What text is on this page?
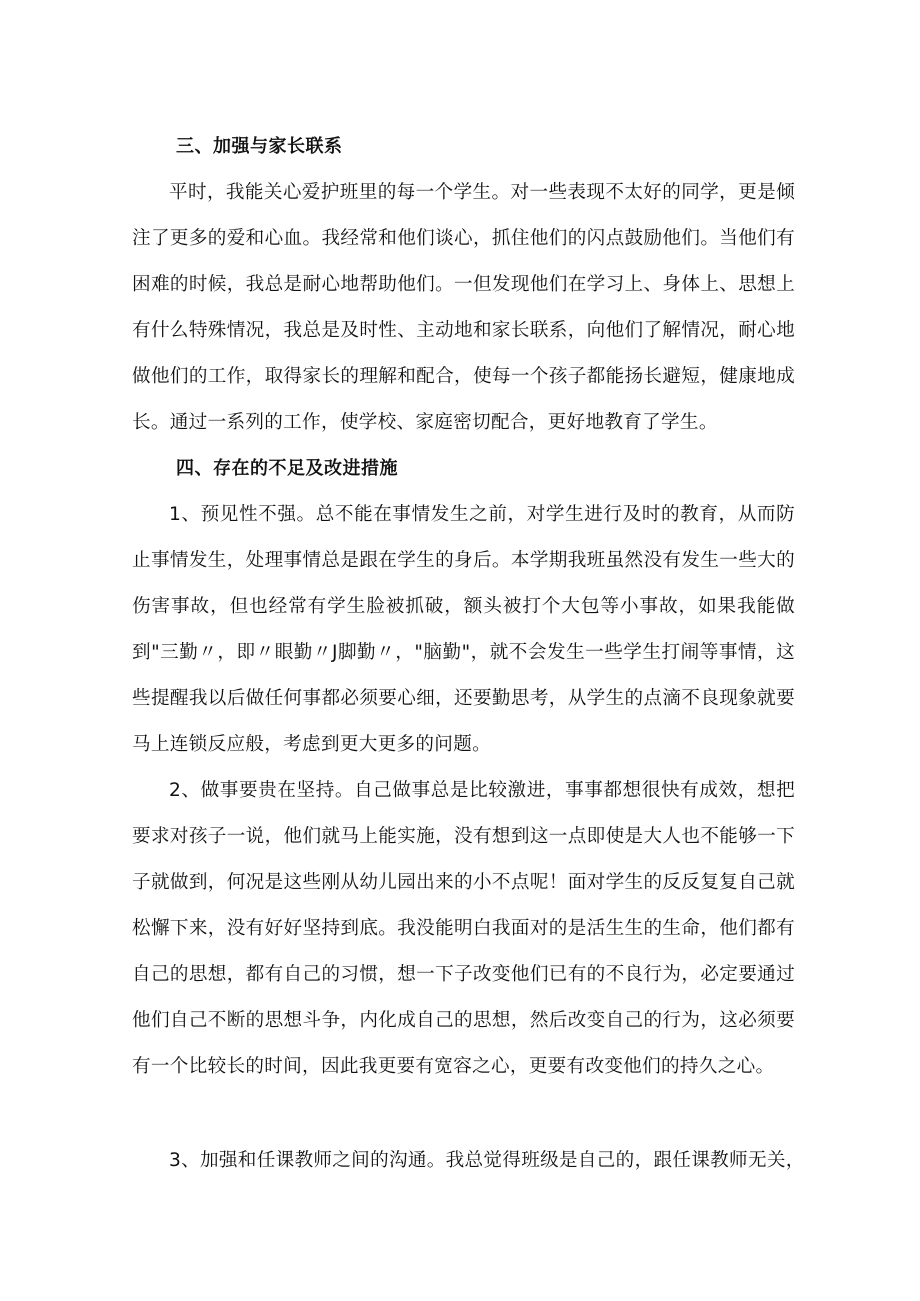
三、加强与家长联系

平时，我能关心爱护班里的每一个学生。对一些表现不太好的同学，更是倾注了更多的爱和心血。我经常和他们谈心，抓住他们的闪点鼓励他们。当他们有困难的时候，我总是耐心地帮助他们。一但发现他们在学习上、身体上、思想上有什么特殊情况，我总是及时性、主动地和家长联系，向他们了解情况，耐心地做他们的工作，取得家长的理解和配合，使每一个孩子都能扬长避短，健康地成长。通过一系列的工作，使学校、家庭密切配合，更好地教育了学生。

四、存在的不足及改进措施

1、预见性不强。总不能在事情发生之前，对学生进行及时的教育，从而防止事情发生，处理事情总是跟在学生的身后。本学期我班虽然没有发生一些大的伤害事故，但也经常有学生脸被抓破，额头被打个大包等小事故，如果我能做到"三勤〃，即〃眼勤〃J脚勤〃，"脑勤"，就不会发生一些学生打闹等事情，这些提醒我以后做任何事都必须要心细，还要勤思考，从学生的点滴不良现象就要马上连锁反应般，考虑到更大更多的问题。

2、做事要贵在坚持。自己做事总是比较激进，事事都想很快有成效，想把要求对孩子一说，他们就马上能实施，没有想到这一点即使是大人也不能够一下子就做到，何况是这些刚从幼儿园出来的小不点呢！面对学生的反反复复自己就松懈下来，没有好好坚持到底。我没能明白我面对的是活生生的生命，他们都有自己的思想，都有自己的习惯，想一下子改变他们已有的不良行为，必定要通过他们自己不断的思想斗争，内化成自己的思想，然后改变自己的行为，这必须要有一个比较长的时间，因此我更要有宽容之心，更要有改变他们的持久之心。

3、加强和任课教师之间的沟通。我总觉得班级是自己的，跟任课教师无关，
